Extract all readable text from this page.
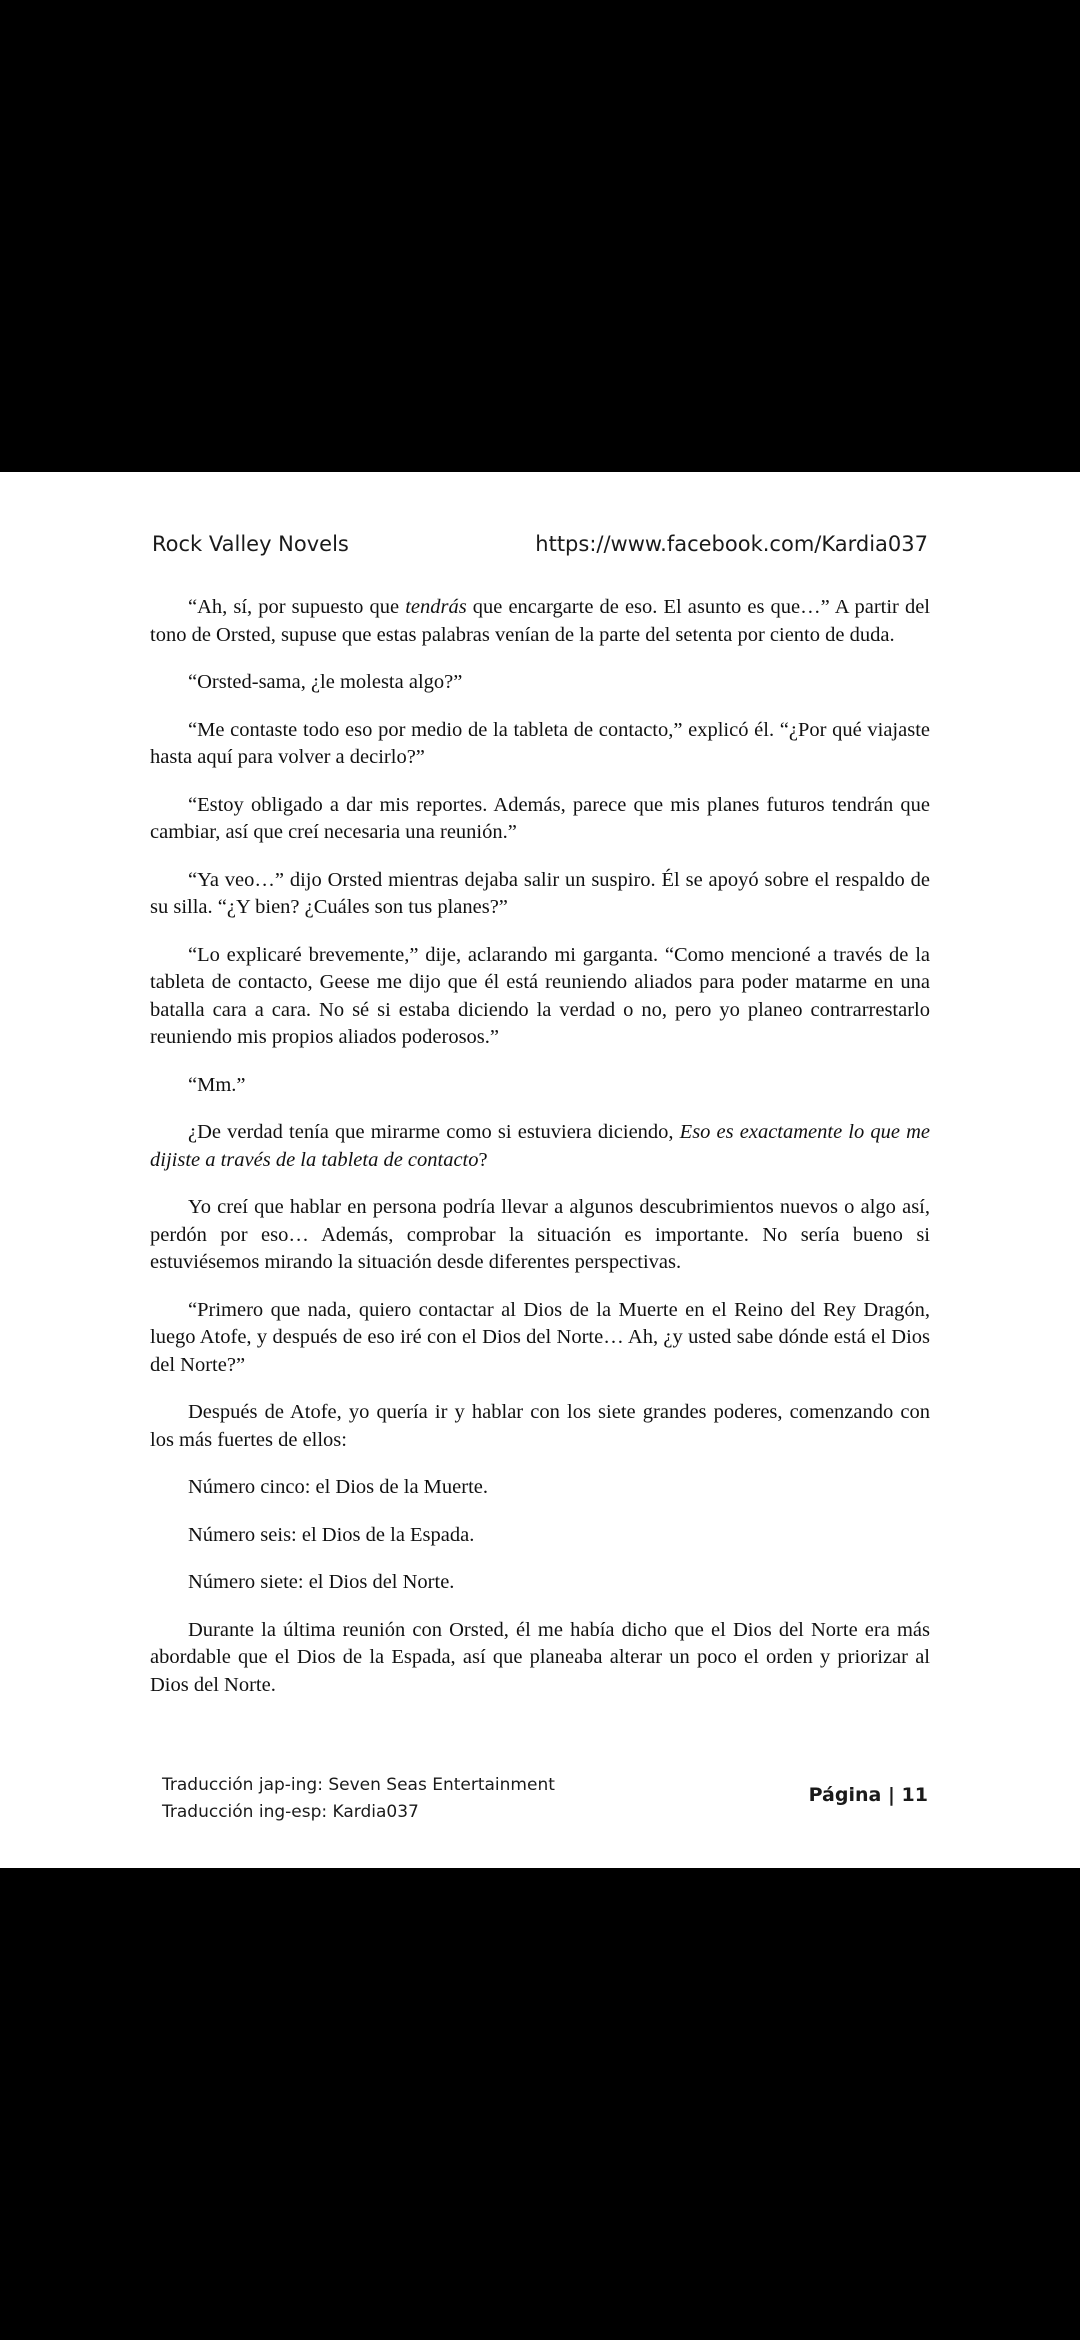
Rock Valley Novels	https://www.facebook.com/Kardia037

“Ah, sí, por supuesto que tendrás que encargarte de eso. El asunto es que…” A partir del tono de Orsted, supuse que estas palabras venían de la parte del setenta por ciento de duda.

“Orsted-sama, ¿le molesta algo?”

“Me contaste todo eso por medio de la tableta de contacto,” explicó él. “¿Por qué viajaste hasta aquí para volver a decirlo?”

“Estoy obligado a dar mis reportes. Además, parece que mis planes futuros tendrán que cambiar, así que creí necesaria una reunión.”

“Ya veo…” dijo Orsted mientras dejaba salir un suspiro. Él se apoyó sobre el respaldo de su silla. “¿Y bien? ¿Cuáles son tus planes?”

“Lo explicaré brevemente,” dije, aclarando mi garganta. “Como mencioné a través de la tableta de contacto, Geese me dijo que él está reuniendo aliados para poder matarme en una batalla cara a cara. No sé si estaba diciendo la verdad o no, pero yo planeo contrarrestarlo reuniendo mis propios aliados poderosos.”

“Mm.”

¿De verdad tenía que mirarme como si estuviera diciendo, Eso es exactamente lo que me dijiste a través de la tableta de contacto?

Yo creí que hablar en persona podría llevar a algunos descubrimientos nuevos o algo así, perdón por eso… Además, comprobar la situación es importante. No sería bueno si estuviésemos mirando la situación desde diferentes perspectivas.

“Primero que nada, quiero contactar al Dios de la Muerte en el Reino del Rey Dragón, luego Atofe, y después de eso iré con el Dios del Norte… Ah, ¿y usted sabe dónde está el Dios del Norte?”

Después de Atofe, yo quería ir y hablar con los siete grandes poderes, comenzando con los más fuertes de ellos:

Número cinco: el Dios de la Muerte.

Número seis: el Dios de la Espada.

Número siete: el Dios del Norte.

Durante la última reunión con Orsted, él me había dicho que el Dios del Norte era más abordable que el Dios de la Espada, así que planeaba alterar un poco el orden y priorizar al Dios del Norte.

Traducción jap-ing: Seven Seas Entertainment
Traducción ing-esp: Kardia037
Página | 11
